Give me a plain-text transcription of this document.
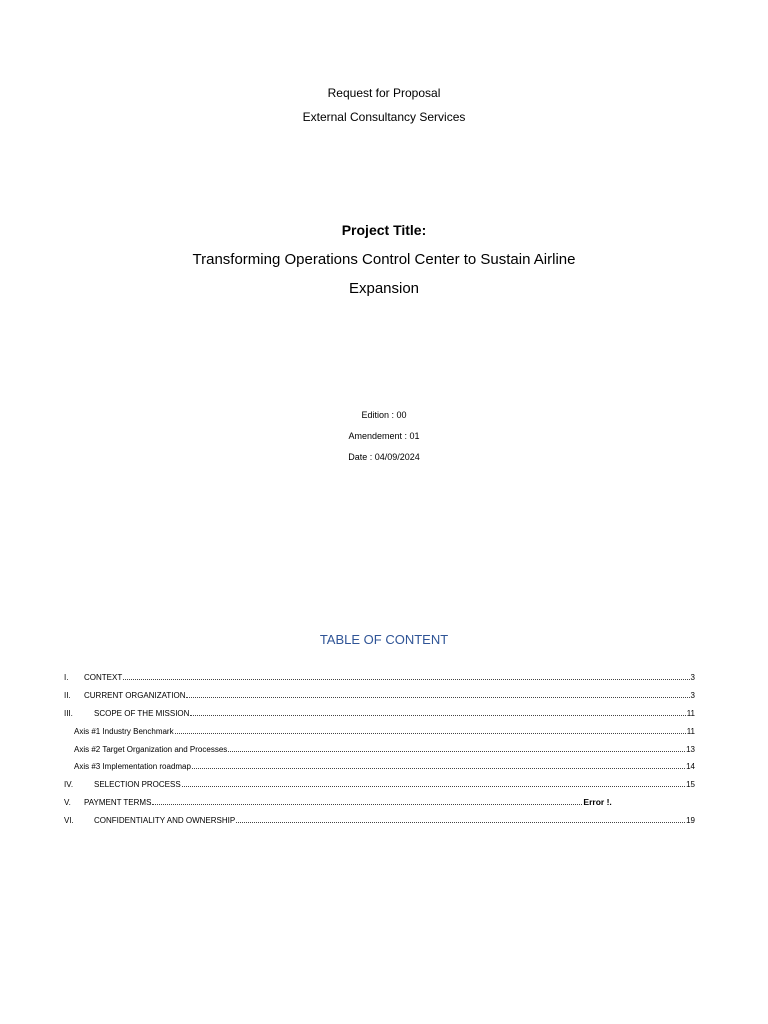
Request for Proposal
External Consultancy Services
Project Title:
Transforming Operations Control Center to Sustain Airline
Expansion
Edition : 00
Amendement : 01
Date : 04/09/2024
TABLE OF CONTENT
I.	CONTEXT	3
II.	CURRENT ORGANIZATION	3
III.	SCOPE OF THE MISSION	11
Axis #1 Industry Benchmark	11
Axis #2 Target Organization and Processes	13
Axis #3 Implementation roadmap	14
IV.	SELECTION PROCESS	15
V.	PAYMENT TERMS	Error !.
VI.	CONFIDENTIALITY AND OWNERSHIP	19
